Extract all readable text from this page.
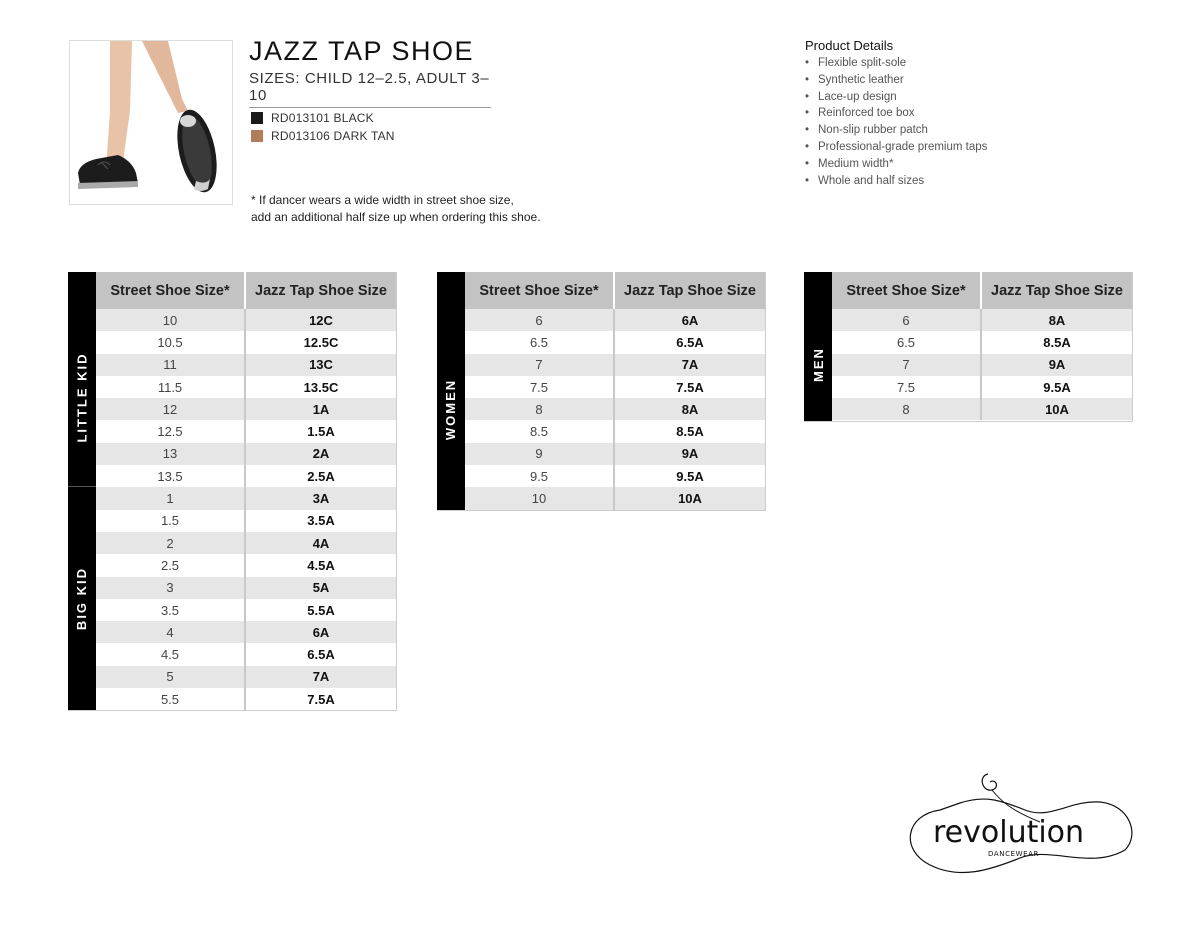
JAZZ TAP SHOE
SIZES: CHILD 12–2.5, ADULT 3–10
RD013101 BLACK
RD013106 DARK TAN
* If dancer wears a wide width in street shoe size,
add an additional half size up when ordering this shoe.
Product Details
• Flexible split-sole
• Synthetic leather
• Lace-up design
• Reinforced toe box
• Non-slip rubber patch
• Professional-grade premium taps
• Medium width*
• Whole and half sizes
LITTLE KID
BIG KID
Street Shoe Size*	Jazz Tap Shoe Size
10	12C
10.5	12.5C
11	13C
11.5	13.5C
12	1A
12.5	1.5A
13	2A
13.5	2.5A
1	3A
1.5	3.5A
2	4A
2.5	4.5A
3	5A
3.5	5.5A
4	6A
4.5	6.5A
5	7A
5.5	7.5A
WOMEN
Street Shoe Size*	Jazz Tap Shoe Size
6	6A
6.5	6.5A
7	7A
7.5	7.5A
8	8A
8.5	8.5A
9	9A
9.5	9.5A
10	10A
MEN
Street Shoe Size*	Jazz Tap Shoe Size
6	8A
6.5	8.5A
7	9A
7.5	9.5A
8	10A
revolution
DANCEWEAR
